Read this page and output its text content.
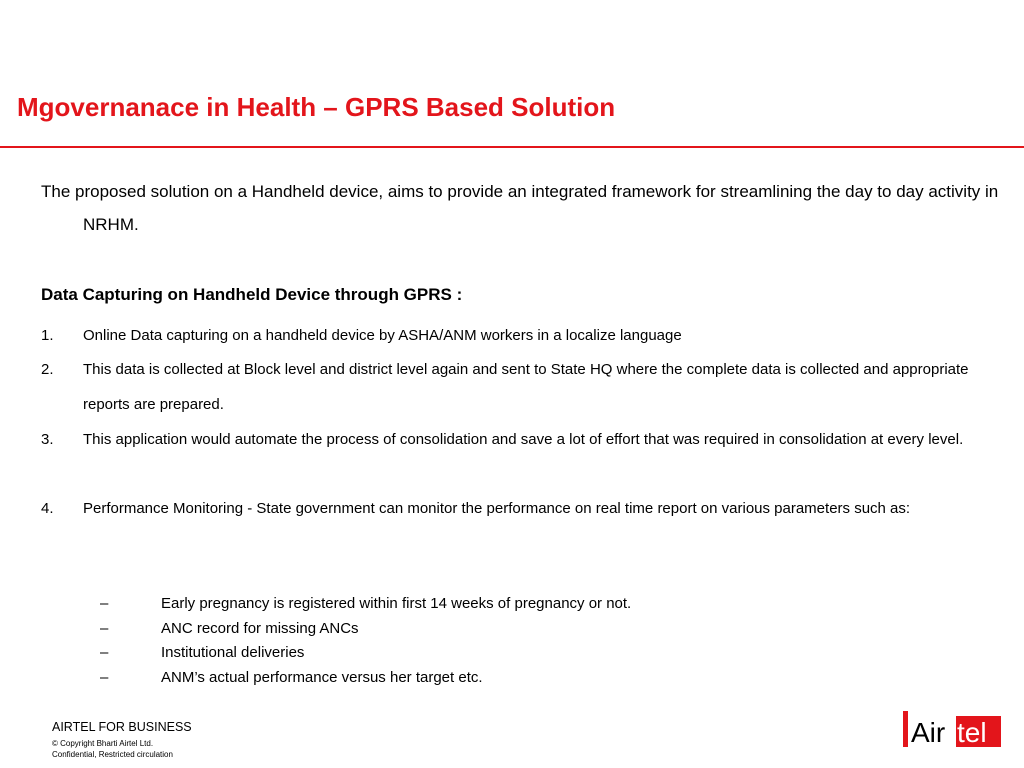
Mgovernanace in Health – GPRS Based Solution
The proposed solution on a Handheld device, aims to provide an integrated framework for streamlining the day to day activity in NRHM.
Data Capturing on Handheld Device through GPRS :
1.	Online Data capturing on a handheld device by ASHA/ANM workers in a localize language
2.	This data is collected at Block level and district level again and sent to State HQ where the complete data is collected and appropriate reports are prepared.
3.	This application would automate the process of consolidation and save a lot of effort that was required in consolidation at every level.
4.	Performance Monitoring - State government can monitor the performance on real time report on various parameters such as:
–	Early pregnancy is registered within first 14 weeks of pregnancy or not.
–	ANC record for missing ANCs
–	Institutional deliveries
–	ANM’s actual performance versus her target etc.
AIRTEL FOR BUSINESS
© Copyright Bharti Airtel Ltd.
Confidential, Restricted circulation
Air tel
